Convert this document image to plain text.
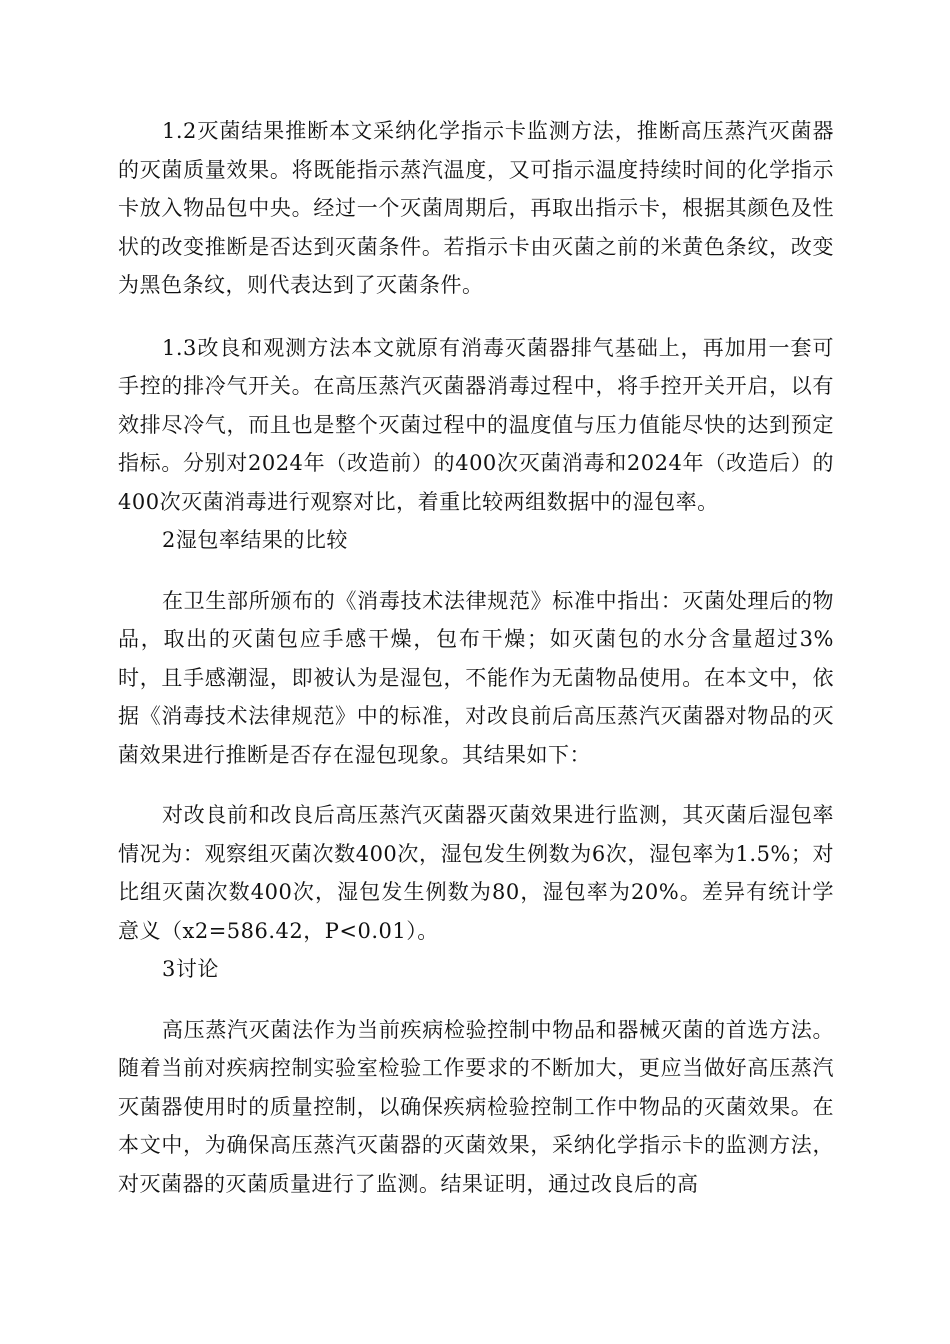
1.2灭菌结果推断本文采纳化学指示卡监测方法，推断高压蒸汽灭菌器的灭菌质量效果。将既能指示蒸汽温度，又可指示温度持续时间的化学指示卡放入物品包中央。经过一个灭菌周期后，再取出指示卡，根据其颜色及性状的改变推断是否达到灭菌条件。若指示卡由灭菌之前的米黄色条纹，改变为黑色条纹，则代表达到了灭菌条件。

1.3改良和观测方法本文就原有消毒灭菌器排气基础上，再加用一套可手控的排冷气开关。在高压蒸汽灭菌器消毒过程中，将手控开关开启，以有效排尽冷气，而且也是整个灭菌过程中的温度值与压力值能尽快的达到预定指标。分别对2024年（改造前）的400次灭菌消毒和2024年（改造后）的400次灭菌消毒进行观察对比，着重比较两组数据中的湿包率。

2湿包率结果的比较

在卫生部所颁布的《消毒技术法律规范》标准中指出：灭菌处理后的物品，取出的灭菌包应手感干燥，包布干燥；如灭菌包的水分含量超过3%时，且手感潮湿，即被认为是湿包，不能作为无菌物品使用。在本文中，依据《消毒技术法律规范》中的标准，对改良前后高压蒸汽灭菌器对物品的灭菌效果进行推断是否存在湿包现象。其结果如下：

对改良前和改良后高压蒸汽灭菌器灭菌效果进行监测，其灭菌后湿包率情况为：观察组灭菌次数400次，湿包发生例数为6次，湿包率为1.5%；对比组灭菌次数400次，湿包发生例数为80，湿包率为20%。差异有统计学意义（x2=586.42，P<0.01）。

3讨论

高压蒸汽灭菌法作为当前疾病检验控制中物品和器械灭菌的首选方法。随着当前对疾病控制实验室检验工作要求的不断加大，更应当做好高压蒸汽灭菌器使用时的质量控制，以确保疾病检验控制工作中物品的灭菌效果。在本文中，为确保高压蒸汽灭菌器的灭菌效果，采纳化学指示卡的监测方法，对灭菌器的灭菌质量进行了监测。结果证明，通过改良后的高
